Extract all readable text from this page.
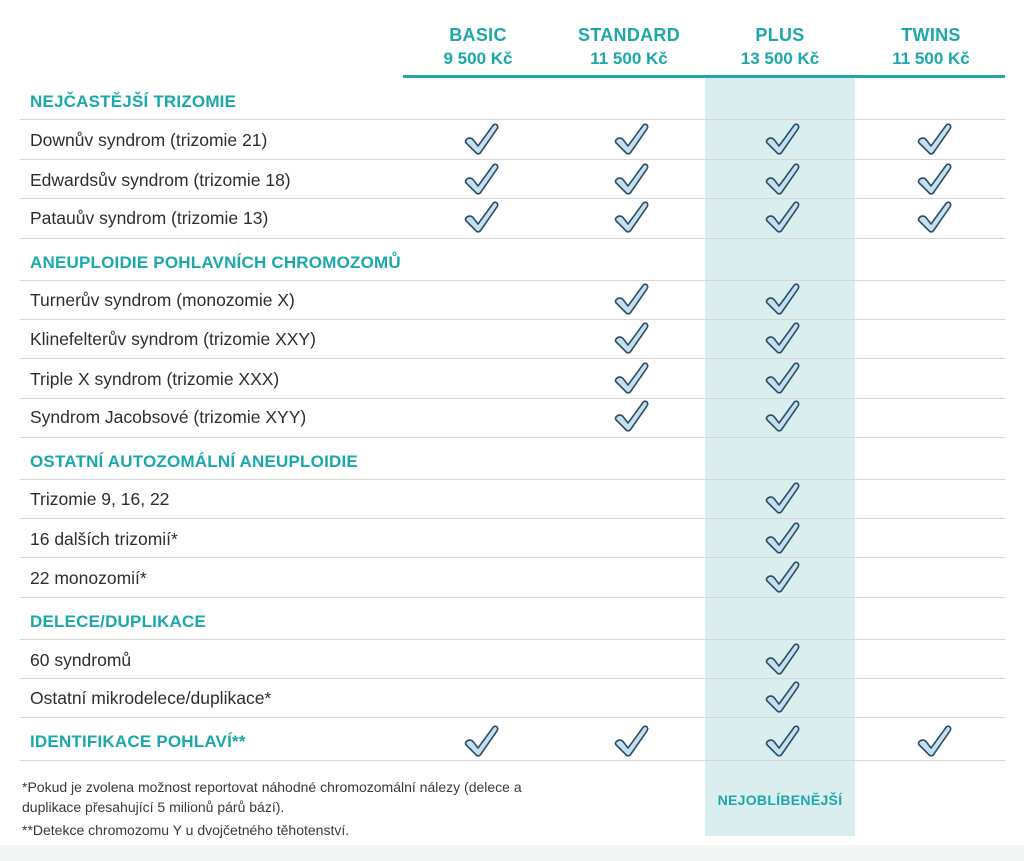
BASIC
9 500 Kč
STANDARD
11 500 Kč
PLUS
13 500 Kč
TWINS
11 500 Kč
NEJČASTĚJŠÍ TRIZOMIE
Downův syndrom (trizomie 21)
Edwardsův syndrom (trizomie 18)
Patauův syndrom (trizomie 13)
ANEUPLOIDIE POHLAVNÍCH CHROMOZOMŮ
Turnerův syndrom (monozomie X)
Klinefelterův syndrom (trizomie XXY)
Triple X syndrom (trizomie XXX)
Syndrom Jacobsové (trizomie XYY)
OSTATNÍ AUTOZOMÁLNÍ ANEUPLOIDIE
Trizomie 9, 16, 22
16 dalších trizomií*
22 monozomií*
DELECE/DUPLIKACE
60 syndromů
Ostatní mikrodelece/duplikace*
IDENTIFIKACE POHLAVÍ**
*Pokud je zvolena možnost reportovat náhodné chromozomální nálezy (delece a
duplikace přesahující 5 milionů párů bází).
**Detekce chromozomu Y u dvojčetného těhotenství.
NEJOBLÍBENĚJŠÍ
